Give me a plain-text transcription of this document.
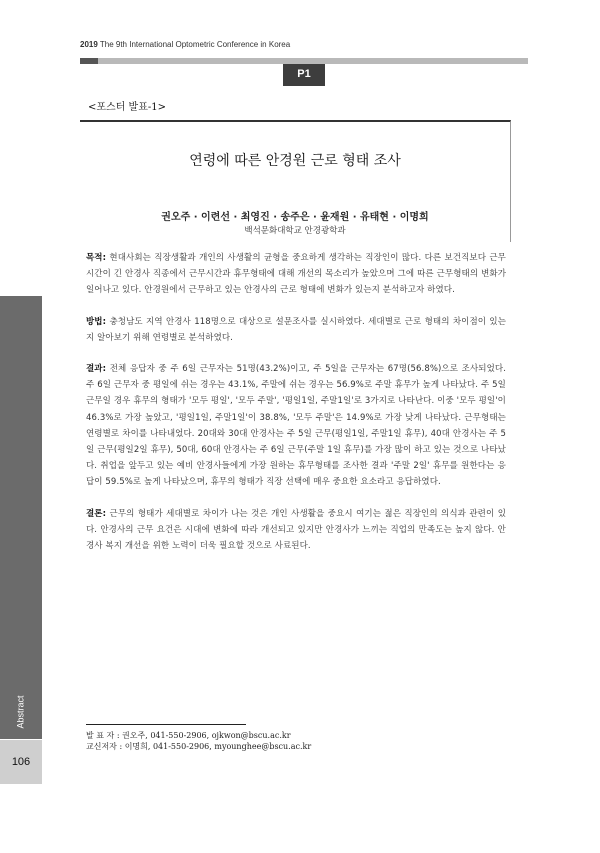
2019 The 9th International Optometric Conference in Korea
P1
<포스터 발표-1>
연령에 따른 안경원 근로 형태 조사
권오주 · 이련선 · 최영진 · 송주은 · 윤재원 · 유태현 · 이명희
백석문화대학교 안경광학과

목적: 현대사회는 직장생활과 개인의 사생활의 균형을 중요하게 생각하는 직장인이 많다. 다른 보건직보다 근무시간이 긴 안경사 직종에서 근무시간과 휴무형태에 대해 개선의 목소리가 높았으며 그에 따른 근무형태의 변화가 일어나고 있다. 안경원에서 근무하고 있는 안경사의 근로 형태에 변화가 있는지 분석하고자 하였다.

방법: 충청남도 지역 안경사 118명으로 대상으로 설문조사를 실시하였다. 세대별로 근로 형태의 차이점이 있는지 알아보기 위해 연령별로 분석하였다.

결과: 전체 응답자 중 주 6일 근무자는 51명(43.2%)이고, 주 5일을 근무자는 67명(56.8%)으로 조사되었다. 주 6일 근무자 중 평일에 쉬는 경우는 43.1%, 주말에 쉬는 경우는 56.9%로 주말 휴무가 높게 나타났다. 주 5일 근무일 경우 휴무의 형태가 '모두 평일', '모두 주말', '평일1일, 주말1일'로 3가지로 나타난다. 이중 '모두 평일'이 46.3%로 가장 높았고, '평일1일, 주말1일'이 38.8%, '모두 주말'은 14.9%로 가장 낮게 나타났다. 근무형태는 연령별로 차이를 나타내었다. 20대와 30대 안경사는 주 5일 근무(평일1일, 주말1일 휴무), 40대 안경사는 주 5일 근무(평일2일 휴무), 50대, 60대 안경사는 주 6일 근무(주말 1일 휴무)를 가장 많이 하고 있는 것으로 나타났다. 취업을 앞두고 있는 예비 안경사들에게 가장 원하는 휴무형태를 조사한 결과 '주말 2일' 휴무를 원한다는 응답이 59.5%로 높게 나타났으며, 휴무의 형태가 직장 선택에 매우 중요한 요소라고 응답하였다.

결론: 근무의 형태가 세대별로 차이가 나는 것은 개인 사생활을 중요시 여기는 젊은 직장인의 의식과 관련이 있다. 안경사의 근무 요건은 시대에 변화에 따라 개선되고 있지만 안경사가 느끼는 직업의 만족도는 높지 않다. 안경사 복지 개선을 위한 노력이 더욱 필요할 것으로 사료된다.

Abstract
106
발 표 자 : 권오주, 041-550-2906, ojkwon@bscu.ac.kr
교신저자 : 이명희, 041-550-2906, myounghee@bscu.ac.kr
